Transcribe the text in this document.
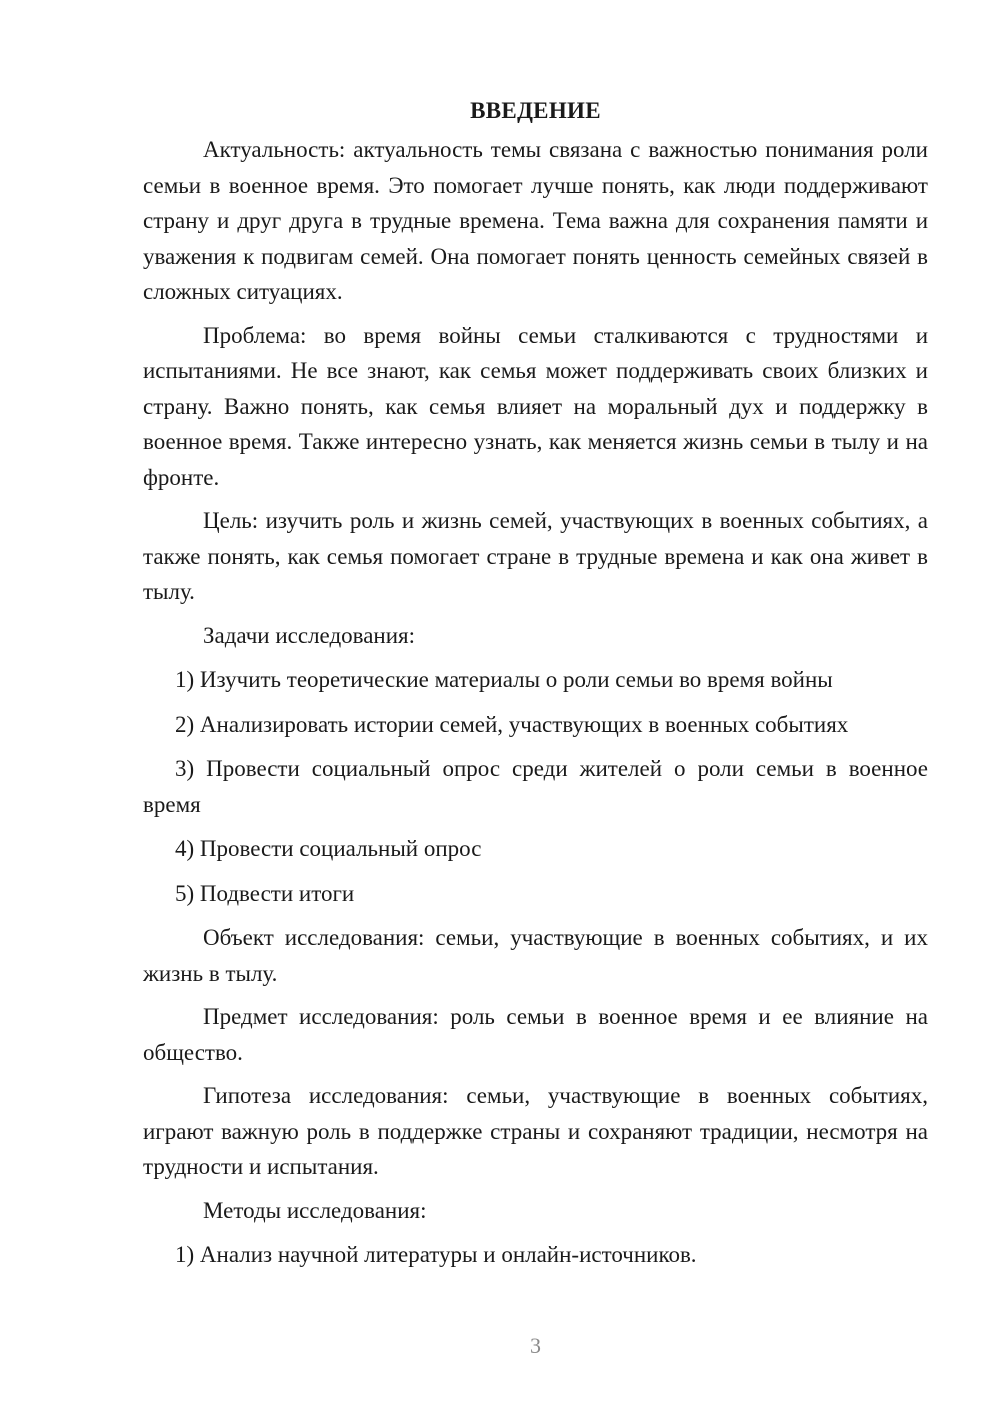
ВВЕДЕНИЕ

Актуальность: актуальность темы связана с важностью понимания роли семьи в военное время. Это помогает лучше понять, как люди поддерживают страну и друг друга в трудные времена. Тема важна для сохранения памяти и уважения к подвигам семей. Она помогает понять ценность семейных связей в сложных ситуациях.

Проблема: во время войны семьи сталкиваются с трудностями и испытаниями. Не все знают, как семья может поддерживать своих близких и страну. Важно понять, как семья влияет на моральный дух и поддержку в военное время. Также интересно узнать, как меняется жизнь семьи в тылу и на фронте.

Цель: изучить роль и жизнь семей, участвующих в военных событиях, а также понять, как семья помогает стране в трудные времена и как она живет в тылу.

Задачи исследования:

1) Изучить теоретические материалы о роли семьи во время войны

2) Анализировать истории семей, участвующих в военных событиях

3) Провести социальный опрос среди жителей о роли семьи в военное время

4) Провести социальный опрос

5) Подвести итоги

Объект исследования: семьи, участвующие в военных событиях, и их жизнь в тылу.

Предмет исследования: роль семьи в военное время и ее влияние на общество.

Гипотеза исследования: семьи, участвующие в военных событиях, играют важную роль в поддержке страны и сохраняют традиции, несмотря на трудности и испытания.

Методы исследования:

1) Анализ научной литературы и онлайн-источников.

3
